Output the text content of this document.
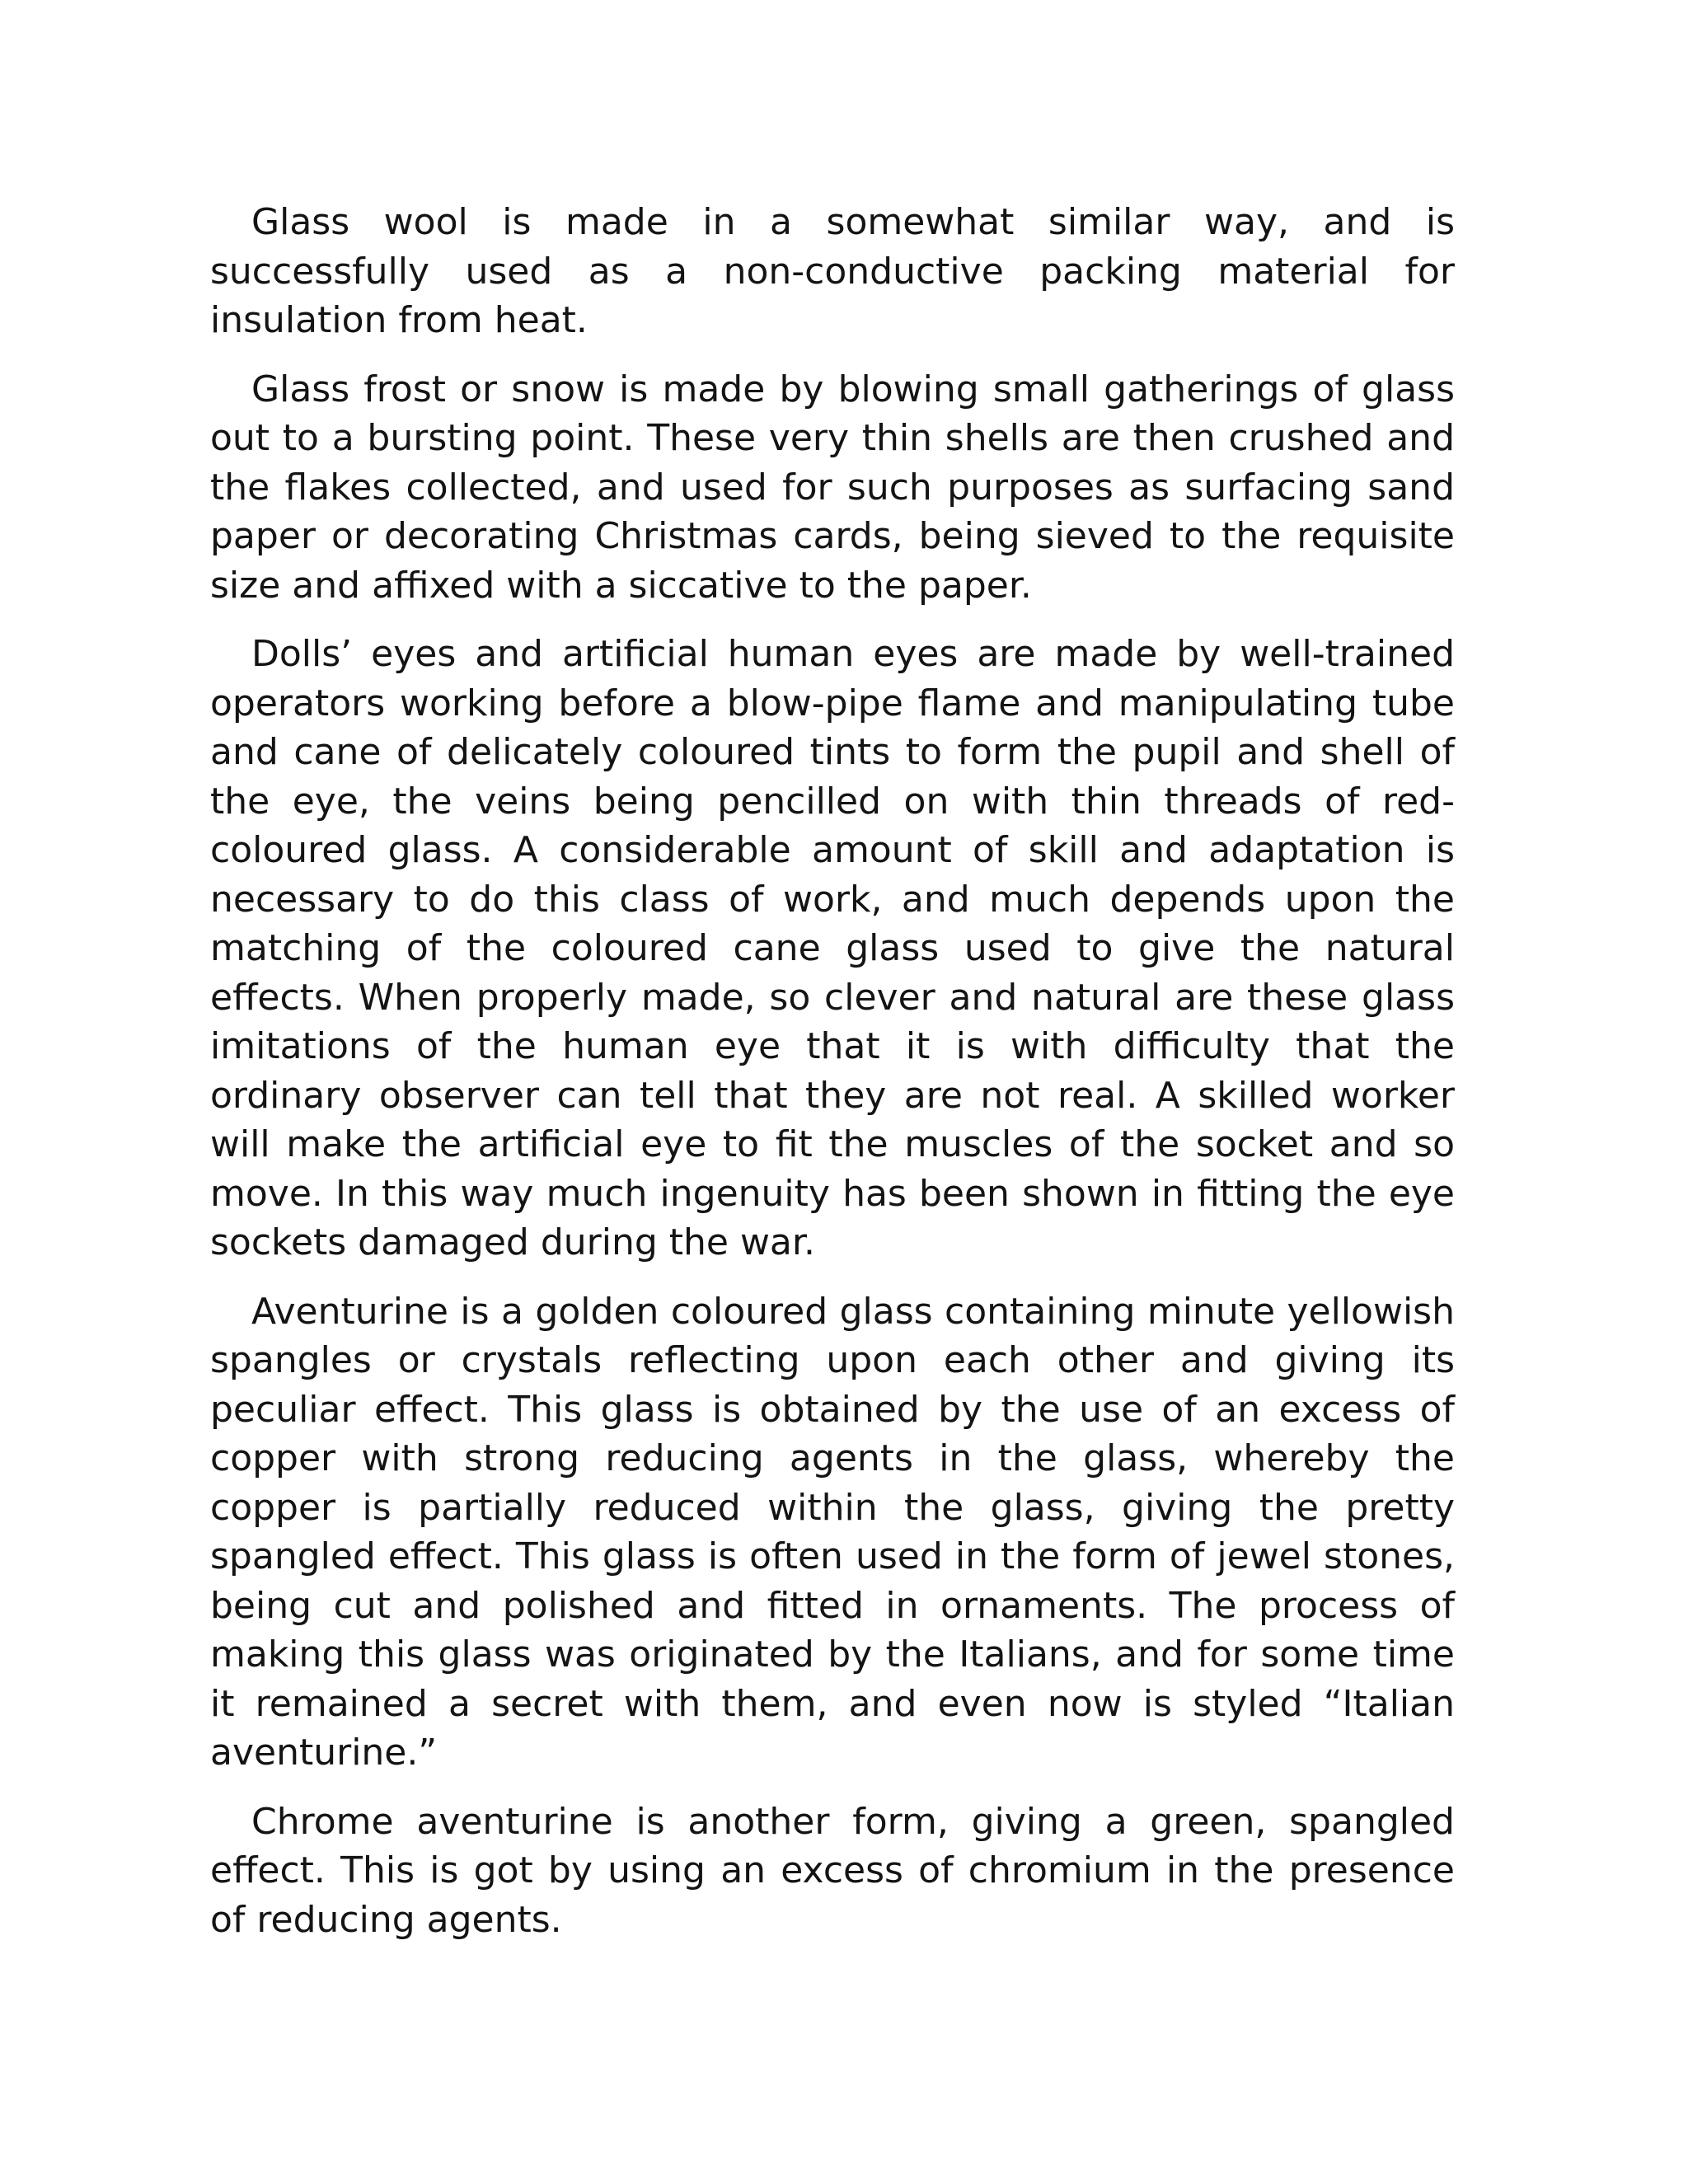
Glass wool is made in a somewhat similar way, and is successfully used as a non-conductive packing material for insulation from heat.

Glass frost or snow is made by blowing small gatherings of glass out to a bursting point. These very thin shells are then crushed and the flakes collected, and used for such purposes as surfacing sand paper or decorating Christmas cards, being sieved to the requisite size and affixed with a siccative to the paper.

Dolls’ eyes and artificial human eyes are made by well-trained operators working before a blow-pipe flame and manipulating tube and cane of delicately coloured tints to form the pupil and shell of the eye, the veins being pencilled on with thin threads of red-coloured glass. A considerable amount of skill and adaptation is necessary to do this class of work, and much depends upon the matching of the coloured cane glass used to give the natural effects. When properly made, so clever and natural are these glass imitations of the human eye that it is with difficulty that the ordinary observer can tell that they are not real. A skilled worker will make the artificial eye to fit the muscles of the socket and so move. In this way much ingenuity has been shown in fitting the eye sockets damaged during the war.

Aventurine is a golden coloured glass containing minute yellowish spangles or crystals reflecting upon each other and giving its peculiar effect. This glass is obtained by the use of an excess of copper with strong reducing agents in the glass, whereby the copper is partially reduced within the glass, giving the pretty spangled effect. This glass is often used in the form of jewel stones, being cut and polished and fitted in ornaments. The process of making this glass was originated by the Italians, and for some time it remained a secret with them, and even now is styled “Italian aventurine.”

Chrome aventurine is another form, giving a green, spangled effect. This is got by using an excess of chromium in the presence of reducing agents.
